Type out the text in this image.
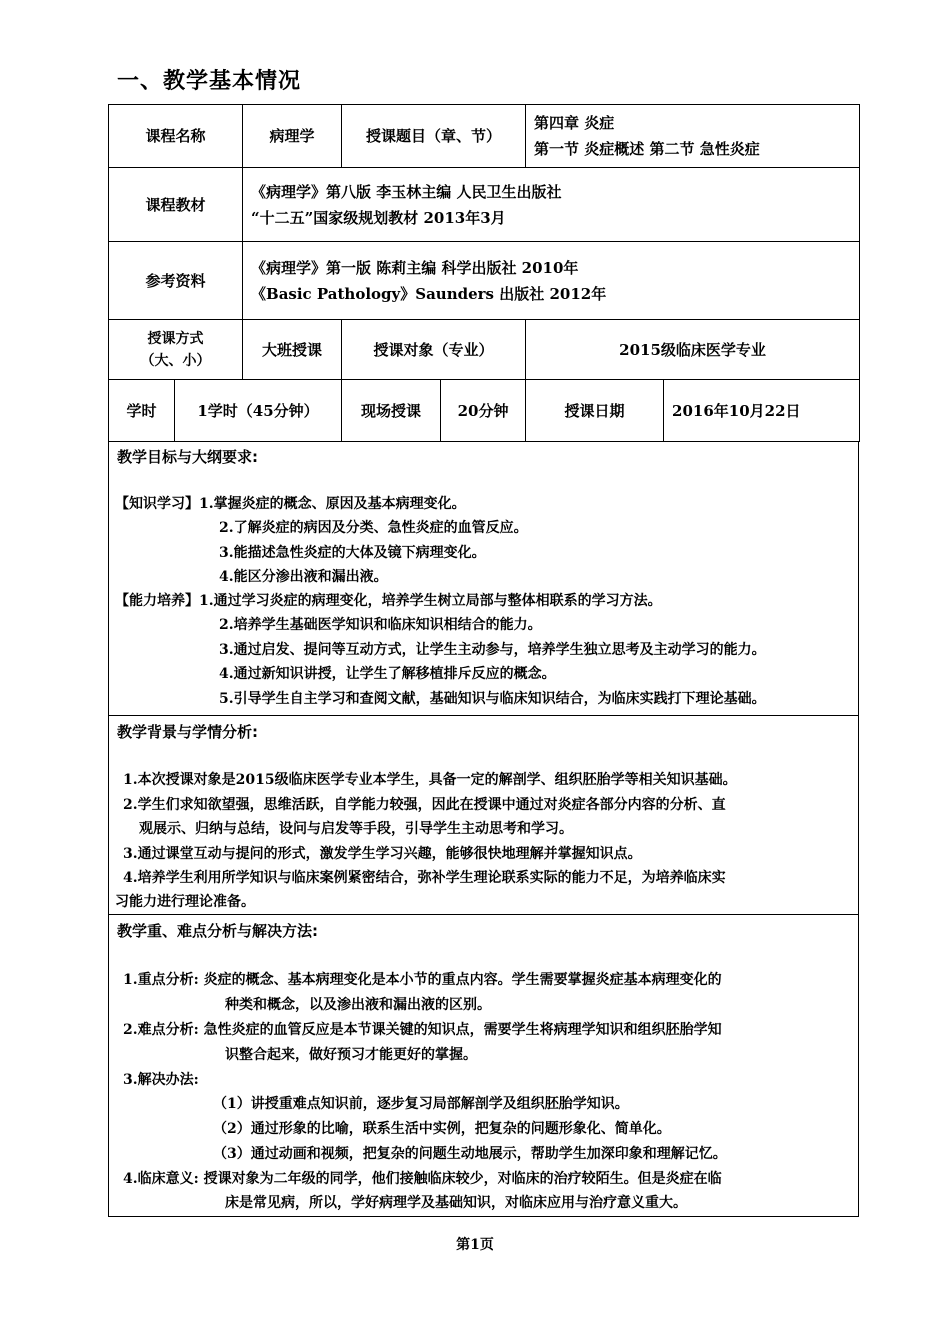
一、教学基本情况
课程名称		病理学	授课题目（章、节）		第四章 炎症
第一节 炎症概述 第二节 急性炎症	

课程教材		《病理学》第八版 李玉林主编 人民卫生出版社
“十二五”国家级规划教材 2013年3月				

参考资料		《病理学》第一版 陈莉主编 科学出版社 2010年
《Basic Pathology》Saunders 出版社 2012年				

授课方式
（大、小）		大班授课	授课对象（专业）		2015级临床医学专业	
学时	1学时（45分钟）		现场授课	20分钟	授课日期	2016年10月22日
教学目标与大纲要求:
【知识学习】1.掌握炎症的概念、原因及基本病理变化。
2.了解炎症的病因及分类、急性炎症的血管反应。
3.能描述急性炎症的大体及镜下病理变化。
4.能区分渗出液和漏出液。
【能力培养】1.通过学习炎症的病理变化，培养学生树立局部与整体相联系的学习方法。
2.培养学生基础医学知识和临床知识相结合的能力。
3.通过启发、提问等互动方式，让学生主动参与，培养学生独立思考及主动学习的能力。
4.通过新知识讲授，让学生了解移植排斥反应的概念。
5.引导学生自主学习和查阅文献，基础知识与临床知识结合，为临床实践打下理论基础。
教学背景与学情分析:
1.本次授课对象是2015级临床医学专业本学生，具备一定的解剖学、组织胚胎学等相关知识基础。
2.学生们求知欲望强，思维活跃，自学能力较强，因此在授课中通过对炎症各部分内容的分析、直
观展示、归纳与总结，设问与启发等手段，引导学生主动思考和学习。
3.通过课堂互动与提问的形式，激发学生学习兴趣，能够很快地理解并掌握知识点。
4.培养学生利用所学知识与临床案例紧密结合，弥补学生理论联系实际的能力不足，为培养临床实
习能力进行理论准备。
教学重、难点分析与解决方法:
1.重点分析: 炎症的概念、基本病理变化是本小节的重点内容。学生需要掌握炎症基本病理变化的
种类和概念，以及渗出液和漏出液的区别。
2.难点分析: 急性炎症的血管反应是本节课关键的知识点，需要学生将病理学知识和组织胚胎学知
识整合起来，做好预习才能更好的掌握。
3.解决办法:
（1）讲授重难点知识前，逐步复习局部解剖学及组织胚胎学知识。
（2）通过形象的比喻，联系生活中实例，把复杂的问题形象化、简单化。
（3）通过动画和视频，把复杂的问题生动地展示，帮助学生加深印象和理解记忆。
4.临床意义: 授课对象为二年级的同学，他们接触临床较少，对临床的治疗较陌生。但是炎症在临
床是常见病，所以，学好病理学及基础知识，对临床应用与治疗意义重大。
第1页
